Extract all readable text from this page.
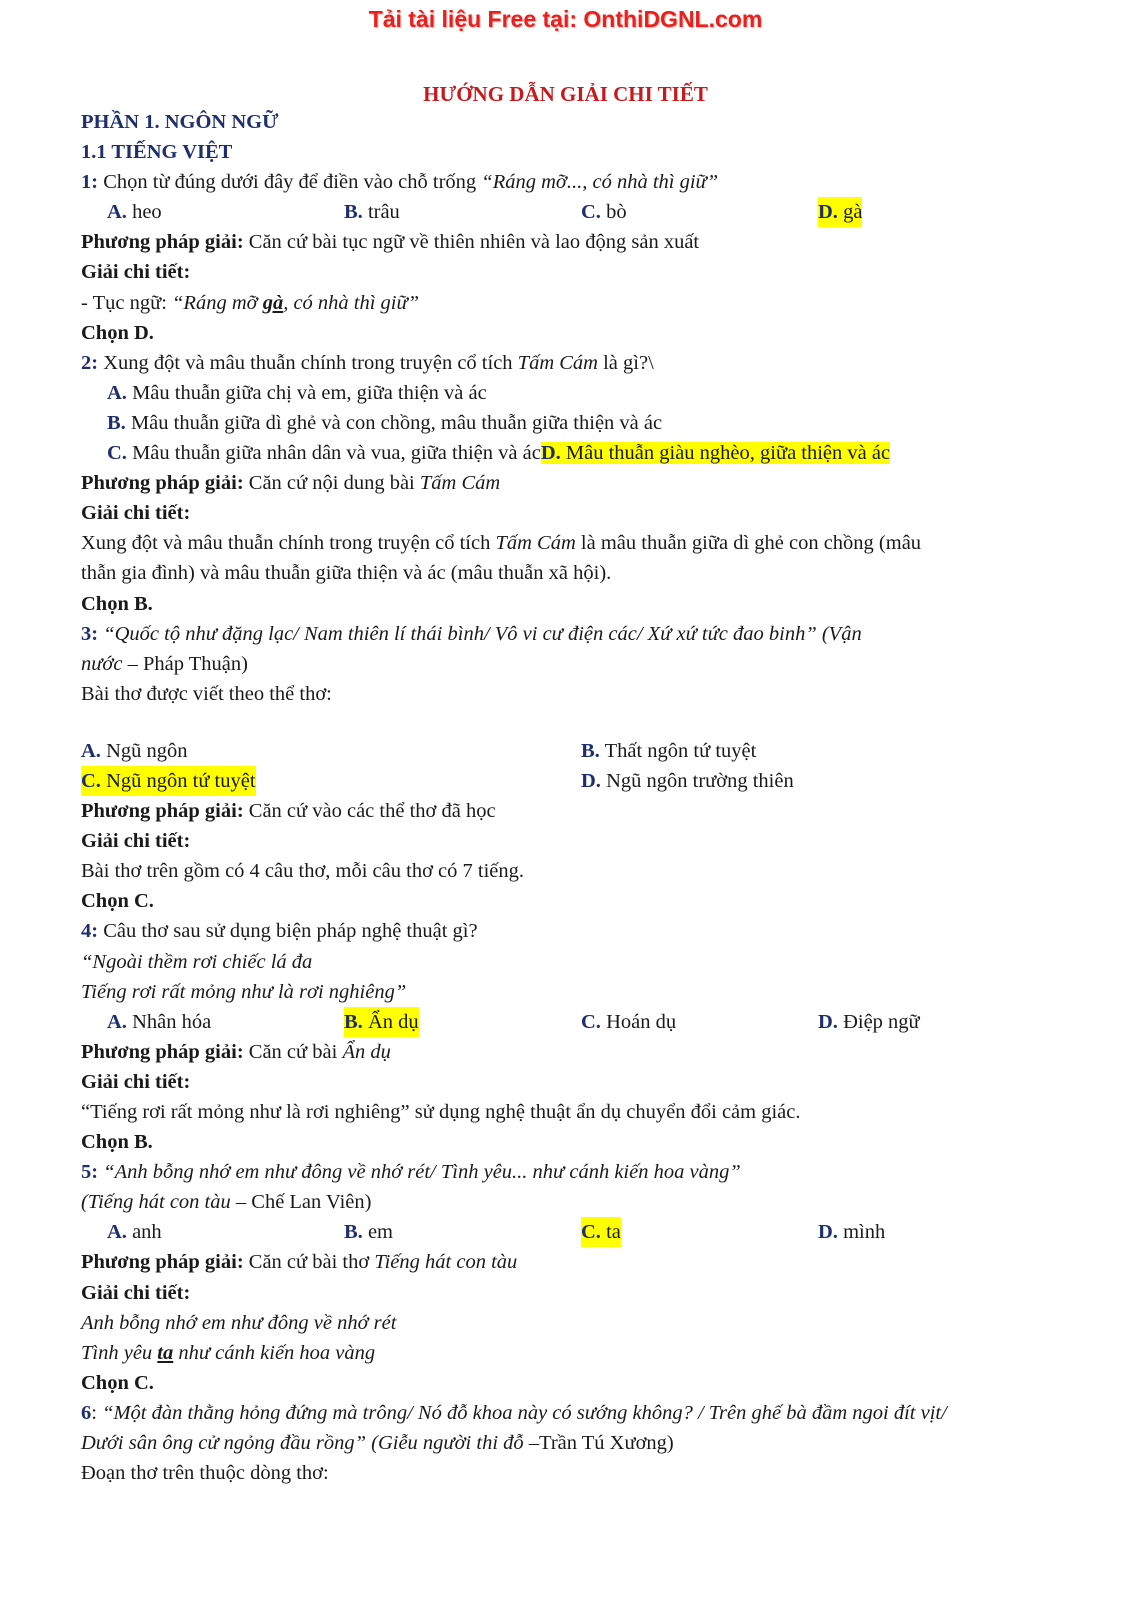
Tải tài liệu Free tại: OnthiDGNL.com
HƯỚNG DẪN GIẢI CHI TIẾT
PHẦN 1. NGÔN NGỮ
1.1 TIẾNG VIỆT
1: Chọn từ đúng dưới đây để điền vào chỗ trống “Ráng mỡ..., có nhà thì giữ”
A. heo	B. trâu	C. bò	D. gà
Phương pháp giải: Căn cứ bài tục ngữ về thiên nhiên và lao động sản xuất
Giải chi tiết:
- Tục ngữ: “Ráng mỡ gà, có nhà thì giữ”
Chọn D.
2: Xung đột và mâu thuẫn chính trong truyện cổ tích Tấm Cám là gì?\
A. Mâu thuẫn giữa chị và em, giữa thiện và ác
B. Mâu thuẫn giữa dì ghẻ và con chồng, mâu thuẫn giữa thiện và ác
C. Mâu thuẫn giữa nhân dân và vua, giữa thiện và ácD. Mâu thuẫn giàu nghèo, giữa thiện và ác
Phương pháp giải: Căn cứ nội dung bài Tấm Cám
Giải chi tiết:
Xung đột và mâu thuẫn chính trong truyện cổ tích Tấm Cám là mâu thuẫn giữa dì ghẻ con chồng (mâu
thẫn gia đình) và mâu thuẫn giữa thiện và ác (mâu thuẫn xã hội).
Chọn B.
3: “Quốc tộ như đặng lạc/ Nam thiên lí thái bình/ Vô vi cư điện các/ Xứ xứ tức đao binh” (Vận
nước – Pháp Thuận)
Bài thơ được viết theo thể thơ:
A. Ngũ ngôn	B. Thất ngôn tứ tuyệt
C. Ngũ ngôn tứ tuyệt	D. Ngũ ngôn trường thiên
Phương pháp giải: Căn cứ vào các thể thơ đã học
Giải chi tiết:
Bài thơ trên gồm có 4 câu thơ, mỗi câu thơ có 7 tiếng.
Chọn C.
4: Câu thơ sau sử dụng biện pháp nghệ thuật gì?
“Ngoài thềm rơi chiếc lá đa
Tiếng rơi rất mỏng như là rơi nghiêng”
A. Nhân hóa	B. Ẩn dụ	C. Hoán dụ	D. Điệp ngữ
Phương pháp giải: Căn cứ bài Ẩn dụ
Giải chi tiết:
“Tiếng rơi rất mỏng như là rơi nghiêng” sử dụng nghệ thuật ẩn dụ chuyển đổi cảm giác.
Chọn B.
5: “Anh bỗng nhớ em như đông về nhớ rét/ Tình yêu... như cánh kiến hoa vàng”
(Tiếng hát con tàu – Chế Lan Viên)
A. anh	B. em	C. ta	D. mình
Phương pháp giải: Căn cứ bài thơ Tiếng hát con tàu
Giải chi tiết:
Anh bỗng nhớ em như đông về nhớ rét
Tình yêu ta như cánh kiến hoa vàng
Chọn C.
6: “Một đàn thằng hỏng đứng mà trông/ Nó đỗ khoa này có sướng không? / Trên ghế bà đầm ngoi đít vịt/
Dưới sân ông cử ngỏng đầu rồng” (Giễu người thi đỗ –Trần Tú Xương)
Đoạn thơ trên thuộc dòng thơ:
